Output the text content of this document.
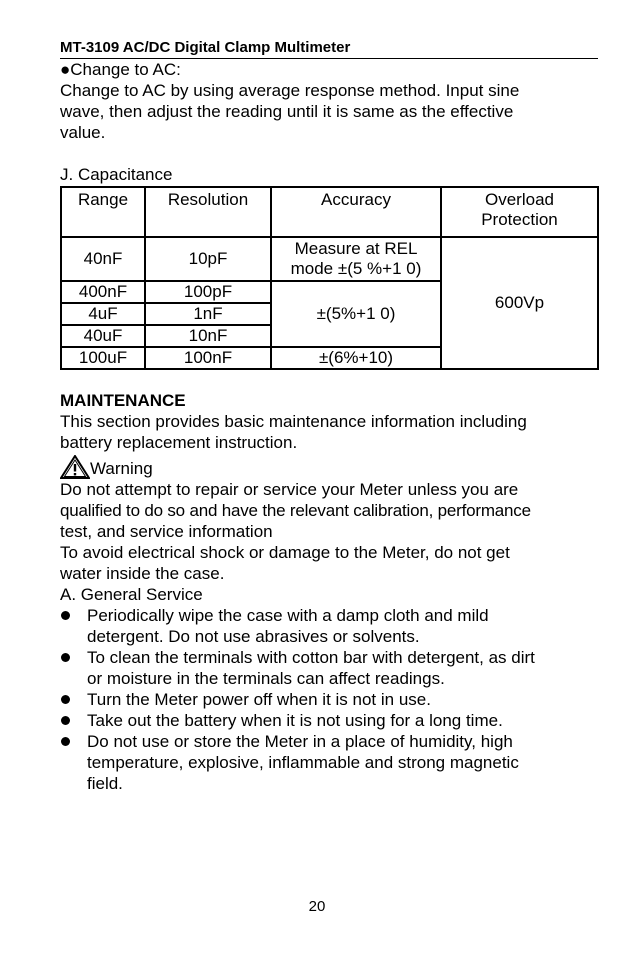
MT-3109 AC/DC Digital Clamp Multimeter
●Change to AC:
Change to AC by using average response method. Input sine
wave, then adjust the reading until it is same as the effective
value.
J. Capacitance
Range	Resolution	Accuracy	Overload
Protection
40nF	10pF	Measure at REL
mode ±(5 %+1 0)	600Vp
400nF	100pF	±(5%+1 0)	
4uF	1nF		
40uF	10nF		
100uF	100nF	±(6%+10)	
MAINTENANCE
This section provides basic maintenance information including
battery replacement instruction.
Warning
Do not attempt to repair or service your Meter unless you are
qualified to do so and have the relevant calibration, performance
test, and service information
To avoid electrical shock or damage to the Meter, do not get
water inside the case.
A. General Service
Periodically wipe the case with a damp cloth and mild
detergent. Do not use abrasives or solvents.
To clean the terminals with cotton bar with detergent, as dirt
or moisture in the terminals can affect readings.
Turn the Meter power off when it is not in use.
Take out the battery when it is not using for a long time.
Do not use or store the Meter in a place of humidity, high
temperature, explosive, inflammable and strong magnetic
field.
20
